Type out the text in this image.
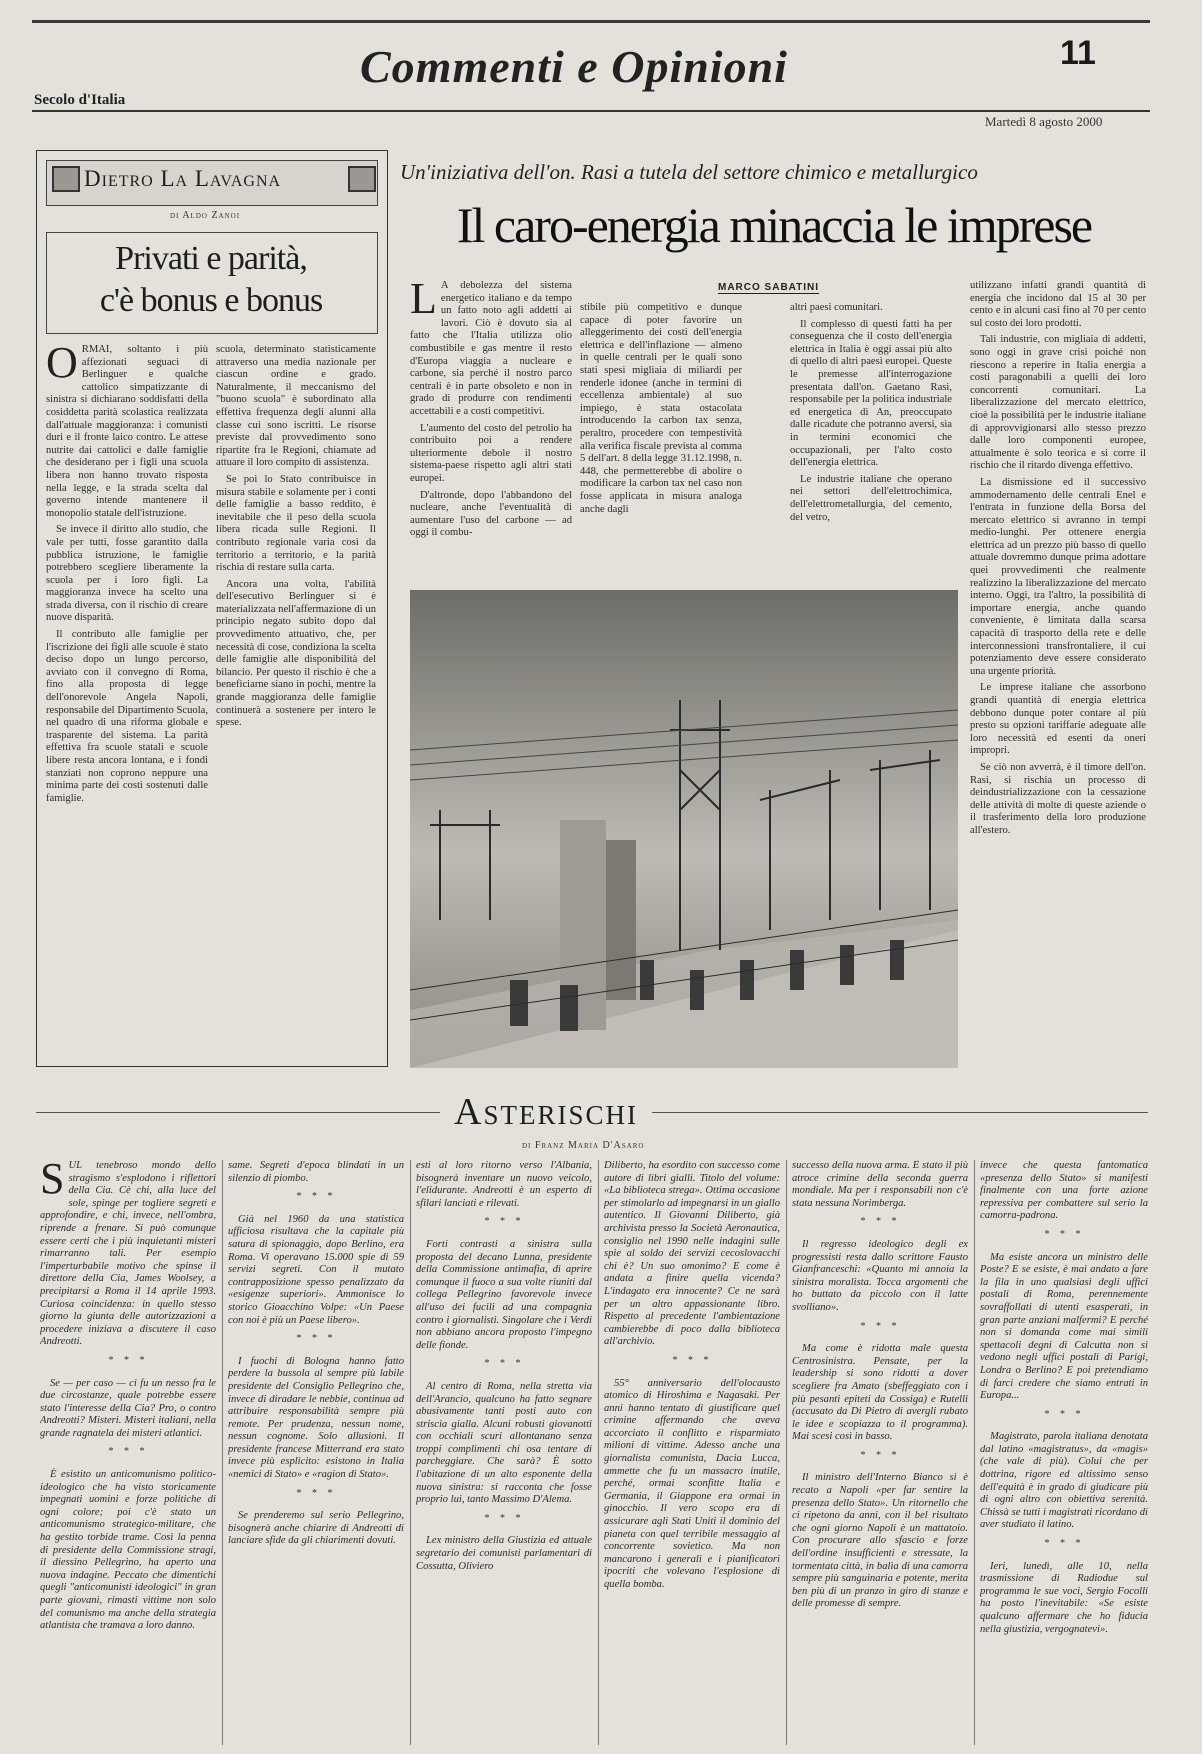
Secolo d'Italia
Commenti e Opinioni	11
Martedì 8 agosto 2000
Dietro La Lavagna
di Aldo Zanoi
Privati e parità,
c'è bonus e bonus
O RMAI, soltanto i più affezionati seguaci di Berlinguer e qualche cattolico simpatizzante di sinistra si dichiarano soddisfatti della cosiddetta parità scolastica realizzata dall'attuale maggioranza: i comunisti duri e il fronte laico contro. Le attese nutrite dai cattolici e dalle famiglie che desiderano per i figli una scuola libera non hanno trovato risposta nella legge, e la strada scelta dal governo intende mantenere il monopolio statale dell'istruzione.

Se invece il diritto allo studio, che vale per tutti, fosse garantito dalla pubblica istruzione, le famiglie potrebbero scegliere liberamente la scuola per i loro figli. La maggioranza invece ha scelto una strada diversa, con il rischio di creare nuove disparità.

Il contributo alle famiglie per l'iscrizione dei figli alle scuole è stato deciso dopo un lungo percorso, avviato con il convegno di Roma, fino alla proposta di legge dell'onorevole Angela Napoli, responsabile del Dipartimento Scuola, nel quadro di una riforma globale e trasparente del sistema. La parità effettiva fra scuole statali e scuole libere resta ancora lontana, e i fondi stanziati non coprono neppure una minima parte dei costi sostenuti dalle famiglie.

scuola, determinato statisticamente attraverso una media nazionale per ciascun ordine e grado. Naturalmente, il meccanismo del "buono scuola" è subordinato alla effettiva frequenza degli alunni alla classe cui sono iscritti. Le risorse previste dal provvedimento sono ripartite fra le Regioni, chiamate ad attuare il loro compito di assistenza.

Se poi lo Stato contribuisce in misura stabile e solamente per i conti delle famiglie a basso reddito, è inevitabile che il peso della scuola libera ricada sulle Regioni. Il contributo regionale varia così da territorio a territorio, e la parità rischia di restare sulla carta.

Ancora una volta, l'abilità dell'esecutivo Berlinguer si è materializzata nell'affermazione di un principio negato subito dopo dal provvedimento attuativo, che, per necessità di cose, condiziona la scelta delle famiglie alle disponibilità del bilancio. Per questo il rischio è che a beneficiarne siano in pochi, mentre la grande maggioranza delle famiglie continuerà a sostenere per intero le spese.

Un'iniziativa dell'on. Rasi a tutela del settore chimico e metallurgico
Il caro-energia minaccia le imprese
L A debolezza del sistema energetico italiano e da tempo un fatto noto agli addetti ai lavori. Ciò è dovuto sia al fatto che l'Italia utilizza olio combustibile e gas mentre il resto d'Europa viaggia a nucleare e carbone, sia perché il nostro parco centrali è in parte obsoleto e non in grado di produrre con rendimenti accettabili e a costi competitivi.

L'aumento del costo del petrolio ha contribuito poi a rendere ulteriormente debole il nostro sistema-paese rispetto agli altri stati europei.

D'altronde, dopo l'abbandono del nucleare, anche l'eventualità di aumentare l'uso del carbone — ad oggi il combu-

MARCO SABATINI

stibile più competitivo e dunque capace di poter favorire un alleggerimento dei costi dell'energia elettrica e dell'inflazione — almeno in quelle centrali per le quali sono stati spesi migliaia di miliardi per renderle idonee (anche in termini di eccellenza ambientale) al suo impiego, è stata ostacolata introducendo la carbon tax senza, peraltro, procedere con tempestività alla verifica fiscale prevista al comma 5 dell'art. 8 della legge 31.12.1998, n. 448, che permetterebbe di abolire o modificare la carbon tax nel caso non fosse applicata in misura analoga anche dagli

altri paesi comunitari.

Il complesso di questi fatti ha per conseguenza che il costo dell'energia elettrica in Italia è oggi assai più alto di quello di altri paesi europei. Queste le premesse all'interrogazione presentata dall'on. Gaetano Rasi, responsabile per la politica industriale ed energetica di An, preoccupato dalle ricadute che potranno aversi, sia in termini economici che occupazionali, per l'alto costo dell'energia elettrica.

Le industrie italiane che operano nei settori dell'elettrochimica, dell'elettrometallurgia, del cemento, del vetro,

utilizzano infatti grandi quantità di energia che incidono dal 15 al 30 per cento e in alcuni casi fino al 70 per cento sul costo dei loro prodotti.

Tali industrie, con migliaia di addetti, sono oggi in grave crisi poiché non riescono a reperire in Italia energia a costi paragonabili a quelli dei loro concorrenti comunitari. La liberalizzazione del mercato elettrico, cioè la possibilità per le industrie italiane di approvvigionarsi allo stesso prezzo dalle loro componenti europee, attualmente è solo teorica e si corre il rischio che il ritardo divenga effettivo.

La dismissione ed il successivo ammodernamento delle centrali Enel e l'entrata in funzione della Borsa del mercato elettrico si avranno in tempi medio-lunghi. Per ottenere energia elettrica ad un prezzo più basso di quello attuale dovremmo dunque prima adottare quei provvedimenti che realmente realizzino la liberalizzazione del mercato interno. Oggi, tra l'altro, la possibilità di importare energia, anche quando conveniente, è limitata dalla scarsa capacità di trasporto della rete e delle interconnessioni transfrontaliere, il cui potenziamento deve essere considerato una urgente priorità.

Le imprese italiane che assorbono grandi quantità di energia elettrica debbono dunque poter contare al più presto su opzioni tariffarie adeguate alle loro necessità ed esenti da oneri impropri.

Se ciò non avverrà, è il timore dell'on. Rasi, si rischia un processo di deindustrializzazione con la cessazione delle attività di molte di queste aziende o il trasferimento della loro produzione all'estero.

Asterischi
di Franz Maria D'Asaro
S UL tenebroso mondo dello stragismo s'esplodono i riflettori della Cia. Cè chi, alla luce del sole, spinge per togliere segreti e approfondire, e chi, invece, nell'ombra, riprende a frenare. Si può comunque essere certi che i più inquietanti misteri rimarranno tali. Per esempio l'imperturbabile motivo che spinse il direttore della Cia, James Woolsey, a precipitarsi a Roma il 14 aprile 1993. Curiosa coincidenza: in quello stesso giorno la giunta delle autorizzazioni a procedere iniziava a discutere il caso Andreotti.

* * *

Se — per caso — ci fu un nesso fra le due circostanze, quale potrebbe essere stato l'interesse della Cia? Pro, o contro Andreotti? Misteri. Misteri italiani, nella grande ragnatela dei misteri atlantici.

* * *

È esistito un anticomunismo politico-ideologico che ha visto storicamente impegnati uomini e forze politiche di ogni colore; poi c'è stato un anticomunismo strategico-militare, che ha gestito torbide trame. Così la penna di presidente della Commissione stragi, il diessino Pellegrino, ha aperto una nuova indagine. Peccato che dimentichi quegli "anticomunisti ideologici" in gran parte giovani, rimasti vittime non solo del comunismo ma anche della strategia atlantista che tramava a loro danno.

same. Segreti d'epoca blindati in un silenzio di piombo.

* * *

Già nel 1960 da una statistica ufficiosa risultava che la capitale più satura di spionaggio, dopo Berlino, era Roma. Vi operavano 15.000 spie di 59 servizi segreti. Con il mutato contrapposizione spesso penalizzato da «esigenze superiori». Ammonisce lo storico Gioacchino Volpe: «Un Paese con noi è più un Paese libero».

* * *

I fuochi di Bologna hanno fatto perdere la bussola al sempre più labile presidente del Consiglio Pellegrino che, invece di diradare le nebbie, continua ad attribuire responsabilità sempre più remote. Per prudenza, nessun nome, nessun cognome. Solo allusioni. Il presidente francese Mitterrand era stato invece più esplicito: esistono in Italia «nemici di Stato» e «ragion di Stato».

* * *

Se prenderemo sul serio Pellegrino, bisognerà anche chiarire di Andreotti di lanciare sfide da gli chiarimenti dovuti.

esti al loro ritorno verso l'Albania, bisognerà inventare un nuovo veicolo, l'elidurante. Andreotti è un esperto di sfilari lanciati e rilevati.

* * *

Forti contrasti a sinistra sulla proposta del decano Lunna, presidente della Commissione antimafia, di aprire comunque il fuoco a sua volte riuniti dal collega Pellegrino favorevole invece all'uso dei fucili ad una compagnia contro i giornalisti. Singolare che i Verdi non abbiano ancora proposto l'impegno delle fionde.

* * *

Al centro di Roma, nella stretta via dell'Arancio, qualcuno ha fatto segnare abusivamente tanti posti auto con striscia gialla. Alcuni robusti giovanotti con occhiali scuri allontanano senza troppi complimenti chi osa tentare di parcheggiare. Che sarà? È sotto l'abitazione di un alto esponente della nuova sinistra: si racconta che fosse proprio lui, tanto Massimo D'Alema.

* * *

Lex ministro della Giustizia ed attuale segretario dei comunisti parlamentari di Cossutta, Oliviero

Diliberto, ha esordito con successo come autore di libri gialli. Titolo del volume: «La biblioteca strega». Ottima occasione per stimolarlo ad impegnarsi in un giallo autentico. Il Giovanni Diliberto, già archivista presso la Società Aeronautica, consiglio nel 1990 nelle indagini sulle spie al soldo dei servizi cecoslovacchi chi è? Un suo omonimo? E come è andata a finire quella vicenda? L'indagato era innocente? Ce ne sarà per un altro appassionante libro. Rispetto al precedente l'ambientazione cambierebbe di poco dalla biblioteca all'archivio.

* * *

55° anniversario dell'olocausto atomico di Hiroshima e Nagasaki. Per anni hanno tentato di giustificare quel crimine affermando che aveva accorciato il conflitto e risparmiato milioni di vittime. Adesso anche una giornalista comunista, Dacia Lucca, ammette che fu un massacro inutile, perché, ormai sconfitte Italia e Germania, il Giappone era ormai in ginocchio. Il vero scopo era di assicurare agli Stati Uniti il dominio del pianeta con quel terribile messaggio al concorrente sovietico. Ma non mancarono i generali e i pianificatori ipocriti che volevano l'esplosione di quella bomba.

successo della nuova arma. È stato il più atroce crimine della seconda guerra mondiale. Ma per i responsabili non c'è stata nessuna Norimberga.

* * *

Il regresso ideologico degli ex progressisti resta dallo scrittore Fausto Gianfranceschi: «Quanto mi annoia la sinistra moralista. Tocca argomenti che ho buttato da piccolo con il latte svolliano».

* * *

Ma come è ridotta male questa Centrosinistra. Pensate, per la leadership si sono ridotti a dover scegliere fra Amato (sbeffeggiato con i più pesanti epiteti da Cossiga) e Rutelli (accusato da Di Pietro di avergli rubato le idee e scopiazza to il programma). Mai scesi così in basso.

* * *

Il ministro dell'Interno Bianco si è recato a Napoli «per far sentire la presenza dello Stato». Un ritornello che ci ripetono da anni, con il bel risultato che ogni giorno Napoli è un mattatoio. Con procurare allo sfascio e forze dell'ordine insufficienti e stressate, la tormentata città, in balìa di una camorra sempre più sanguinaria e potente, merita ben più di un pranzo in giro di stanze e delle promesse di sempre.

invece che questa fantomatica «presenza dello Stato» si manifesti finalmente con una forte azione repressiva per combattere sul serio la camorra-padrona.

* * *

Ma esiste ancora un ministro delle Poste? E se esiste, è mai andato a fare la fila in uno qualsiasi degli uffici postali di Roma, perennemente sovraffollati di utenti esasperati, in gran parte anziani malfermi? E perché non si domanda come mai simili spettacoli degni di Calcutta non si vedono negli uffici postali di Parigi, Londra o Berlino? E poi pretendiamo di farci credere che siamo entrati in Europa...

* * *

Magistrato, parola italiana denotata dal latino «magistratus», da «magis» (che vale di più). Colui che per dottrina, rigore ed altissimo senso dell'equità è in grado di giudicare più di ogni altro con obiettiva serenità. Chissà se tutti i magistrati ricordano di aver studiato il latino.

* * *

Ieri, lunedì, alle 10, nella trasmissione di Radiodue sul programma le sue voci, Sergio Focolli ha posto l'inevitabile: «Se esiste qualcuno affermare che ho fiducia nella giustizia, vergognatevi».
